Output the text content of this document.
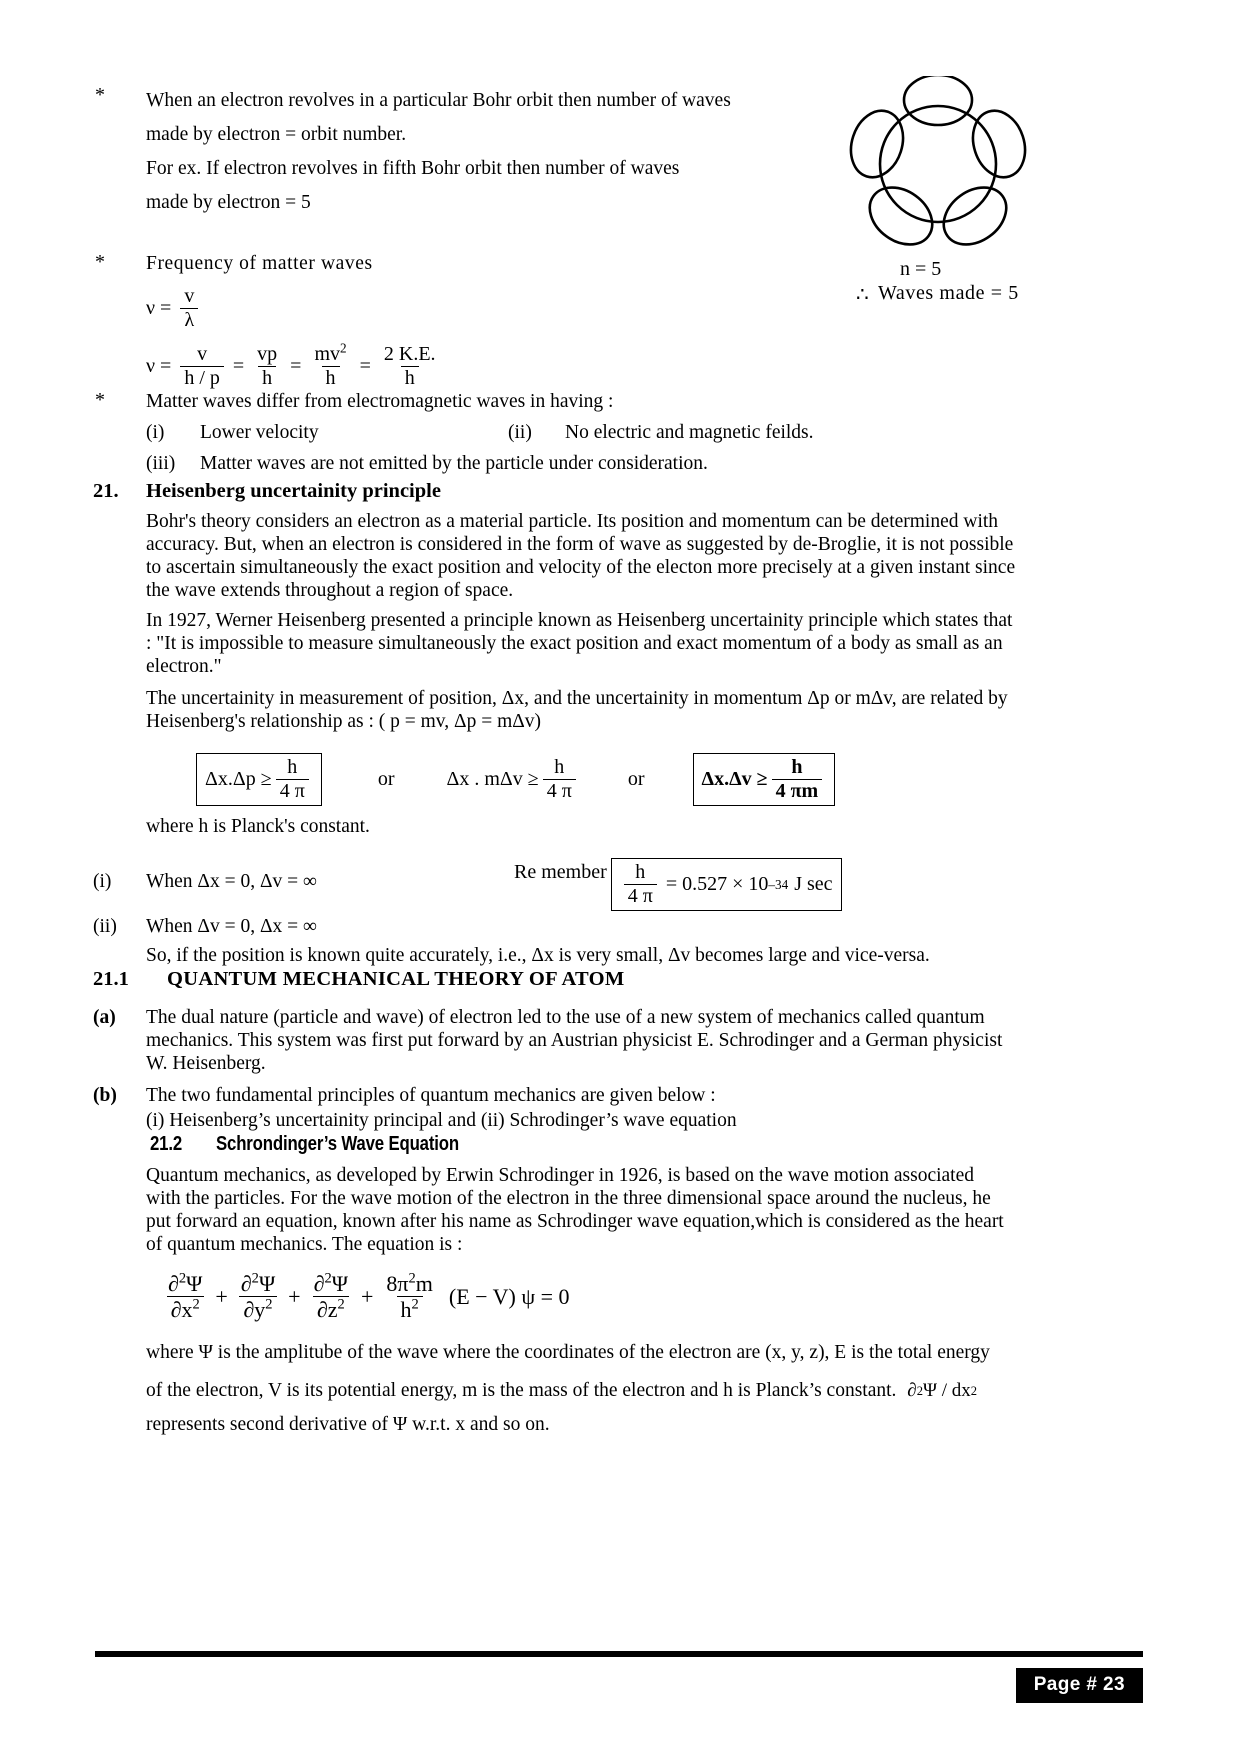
* When an electron revolves in a particular Bohr orbit then number of waves
made by electron = orbit number.
For ex. If electron revolves in fifth Bohr orbit then number of waves
made by electron = 5
n = 5
∴ Waves made = 5
* Frequency of matter waves
$\nu = \frac{v}{\lambda}$
$\nu = \frac{v}{h / p} = \frac{vp}{h} = \frac{mv^2}{h} = \frac{2 K.E.}{h}$
* Matter waves differ from electromagnetic waves in having :
(i) Lower velocity	(ii) No electric and magnetic feilds.
(iii) Matter waves are not emitted by the particle under consideration.
21. Heisenberg uncertainity principle
Bohr's theory considers an electron as a material particle. Its position and momentum can be determined with
accuracy. But, when an electron is considered in the form of wave as suggested by de-Broglie, it is not possible
to ascertain simultaneously the exact position and velocity of the electon more precisely at a given instant since
the wave extends throughout a region of space.
In 1927, Werner Heisenberg presented a principle known as Heisenberg uncertainity principle which states that
: "It is impossible to measure simultaneously the exact position and exact momentum of a body as small as an
electron."
The uncertainity in measurement of position, Δx, and the uncertainity in momentum Δp or mΔv, are related by
Heisenberg's relationship as : ( p = mv, Δp = mΔv)
$\Delta x.\Delta p \ge \frac{h}{4 \pi}$	or	Δx . $m\Delta v \ge \frac{h}{4 \pi}$	or	$\Delta x.\Delta v \ge \frac{h}{4 \pi m}$
where h is Planck's constant.
(i) When Δx = 0, Δv = ∞	Re member $\frac{h}{4 \pi} = 0.527 \times 10$ –34 J sec
(ii) When Δv = 0, Δx = ∞
So, if the position is known quite accurately, i.e., Δx is very small, Δv becomes large and vice-versa.
21.1 QUANTUM MECHANICAL THEORY OF ATOM
(a) The dual nature (particle and wave) of electron led to the use of a new system of mechanics called quantum
mechanics. This system was first put forward by an Austrian physicist E. Schrodinger and a German physicist
W. Heisenberg.
(b) The two fundamental principles of quantum mechanics are given below :
(i) Heisenberg’s uncertainity principal and (ii) Schrodinger’s wave equation
21.2 Schrondinger’s Wave Equation
Quantum mechanics, as developed by Erwin Schrodinger in 1926, is based on the wave motion associated
with the particles. For the wave motion of the electron in the three dimensional space around the nucleus, he
put forward an equation, known after his name as Schrodinger wave equation,which is considered as the heart
of quantum mechanics. The equation is :
$\frac{\partial^2\Psi}{\partial x^2} + \frac{\partial^2\Psi}{\partial y^2} + \frac{\partial^2\Psi}{\partial z^2} + \frac{8\pi^2m}{h^2} (E - V) \psi = 0$
where Ψ is the amplitube of the wave where the coordinates of the electron are (x, y, z), E is the total energy
of the electron, V is its potential energy, m is the mass of the electron and h is Planck’s constant. ∂ 2 Ψ / dx 2
represents second derivative of Ψ w.r.t. x and so on.
Page # 23
